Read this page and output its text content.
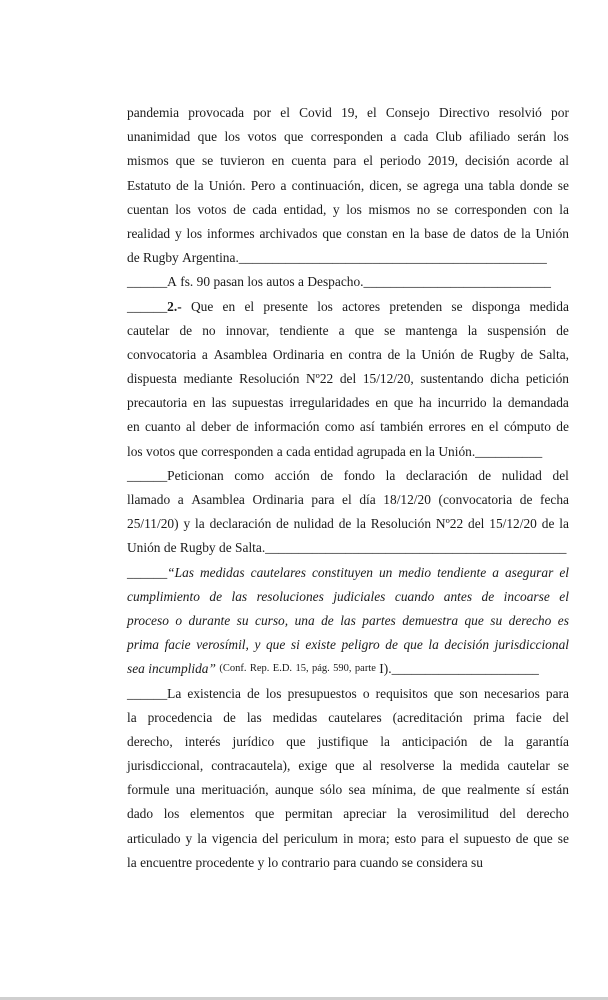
pandemia provocada por el Covid 19, el Consejo Directivo resolvió por
unanimidad que los votos que corresponden a cada Club afiliado serán los
mismos que se tuvieron en cuenta para el periodo 2019, decisión acorde al
Estatuto de la Unión. Pero a continuación, dicen, se agrega una tabla donde se
cuentan los votos de cada entidad, y los mismos no se corresponden con la
realidad y los informes archivados que constan en la base de datos de la Unión
de Rugby Argentina.______________________________________________
______A fs. 90 pasan los autos a Despacho.____________________________
______2.- Que en el presente los actores pretenden se disponga medida
cautelar de no innovar, tendiente a que se mantenga la suspensión de
convocatoria a Asamblea Ordinaria en contra de la Unión de Rugby de Salta,
dispuesta mediante Resolución Nº22 del 15/12/20, sustentando dicha petición
precautoria en las supuestas irregularidades en que ha incurrido la demandada
en cuanto al deber de información como así también errores en el cómputo de
los votos que corresponden a cada entidad agrupada en la Unión.__________
______Peticionan como acción de fondo la declaración de nulidad del
llamado a Asamblea Ordinaria para el día 18/12/20 (convocatoria de fecha
25/11/20) y la declaración de nulidad de la Resolución Nº22 del 15/12/20 de la
Unión de Rugby de Salta._____________________________________________
______“Las medidas cautelares constituyen un medio tendiente a asegurar el
cumplimiento de las resoluciones judiciales cuando antes de incoarse el
proceso o durante su curso, una de las partes demuestra que su derecho es
prima facie verosímil, y que si existe peligro de que la decisión jurisdiccional
sea incumplida” (Conf. Rep. E.D. 15, pág. 590, parte I).______________________
______La existencia de los presupuestos o requisitos que son necesarios para
la procedencia de las medidas cautelares (acreditación prima facie del
derecho, interés jurídico que justifique la anticipación de la garantía
jurisdiccional, contracautela), exige que al resolverse la medida cautelar se
formule una merituación, aunque sólo sea mínima, de que realmente sí están
dado los elementos que permitan apreciar la verosimilitud del derecho
articulado y la vigencia del periculum in mora; esto para el supuesto de que se
la encuentre procedente y lo contrario para cuando se considera su
